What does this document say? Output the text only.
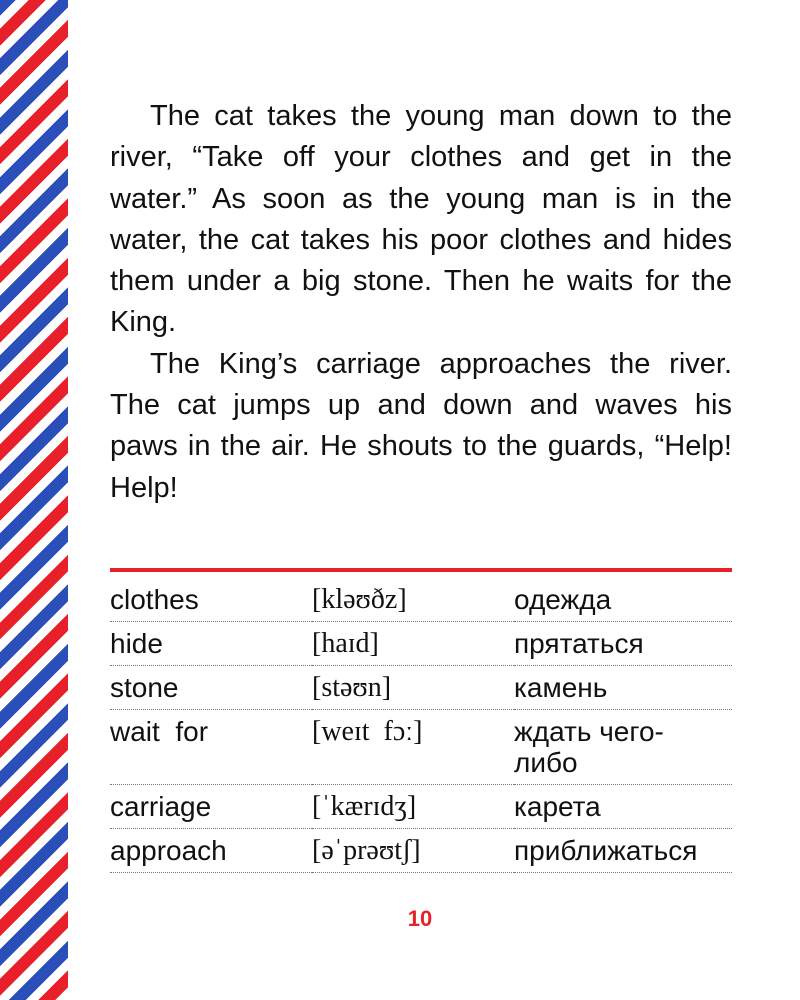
The cat takes the young man down to the river, “Take off your clothes and get in the water.” As soon as the young man is in the water, the cat takes his poor clothes and hides them under a big stone. Then he waits for the King.

The King’s carriage approaches the river. The cat jumps up and down and waves his paws in the air. He shouts to the guards, “Help! Help!

clothes	[kləʊðz]	одежда
hide	[haɪd]	прятаться
stone	[stəʊn]	камень
wait  for	[weɪt  fɔː]	ждать чего-либо
carriage	[ˈkærɪdʒ]	карета
approach	[əˈprəʊtʃ]	приближаться
10
